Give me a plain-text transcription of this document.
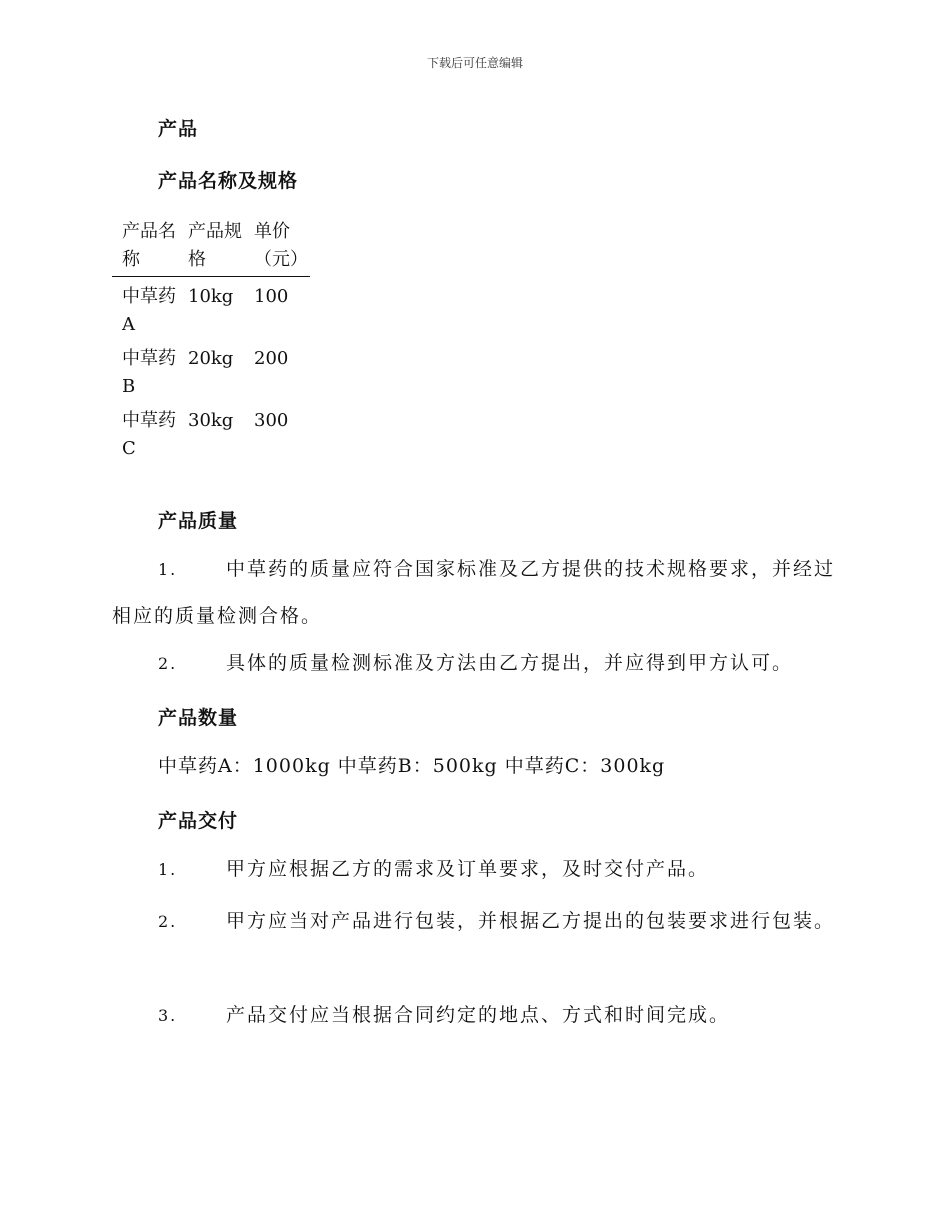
下载后可任意编辑
产品
产品名称及规格
产品名称	产品规格	单价（元）
中草药A	10kg	100
中草药B	20kg	200
中草药C	30kg	300
产品质量
1.	中草药的质量应符合国家标准及乙方提供的技术规格要求，并经过相应的质量检测合格。
2.	具体的质量检测标准及方法由乙方提出，并应得到甲方认可。
产品数量
中草药A：1000kg 中草药B：500kg 中草药C：300kg
产品交付
1.	甲方应根据乙方的需求及订单要求，及时交付产品。
2.	甲方应当对产品进行包装，并根据乙方提出的包装要求进行包装。
3.	产品交付应当根据合同约定的地点、方式和时间完成。
